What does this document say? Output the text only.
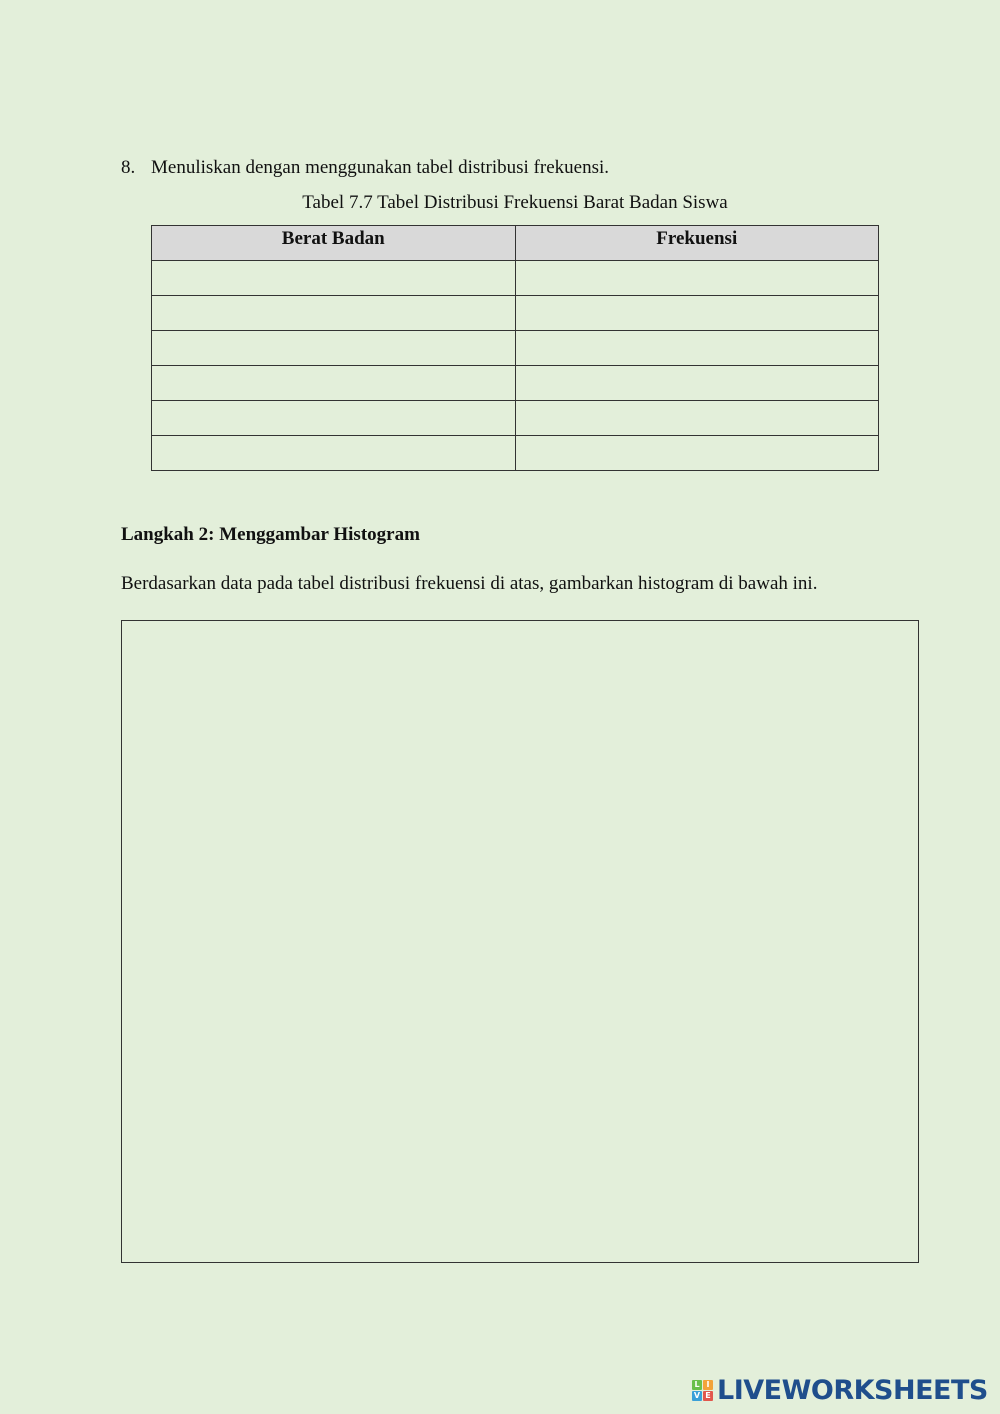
8. Menuliskan dengan menggunakan tabel distribusi frekuensi.
Tabel 7.7 Tabel Distribusi Frekuensi Barat Badan Siswa
Berat Badan	Frekuensi

Langkah 2: Menggambar Histogram
Berdasarkan data pada tabel distribusi frekuensi di atas, gambarkan histogram di bawah ini.
L I
V E LIVEWORKSHEETS
